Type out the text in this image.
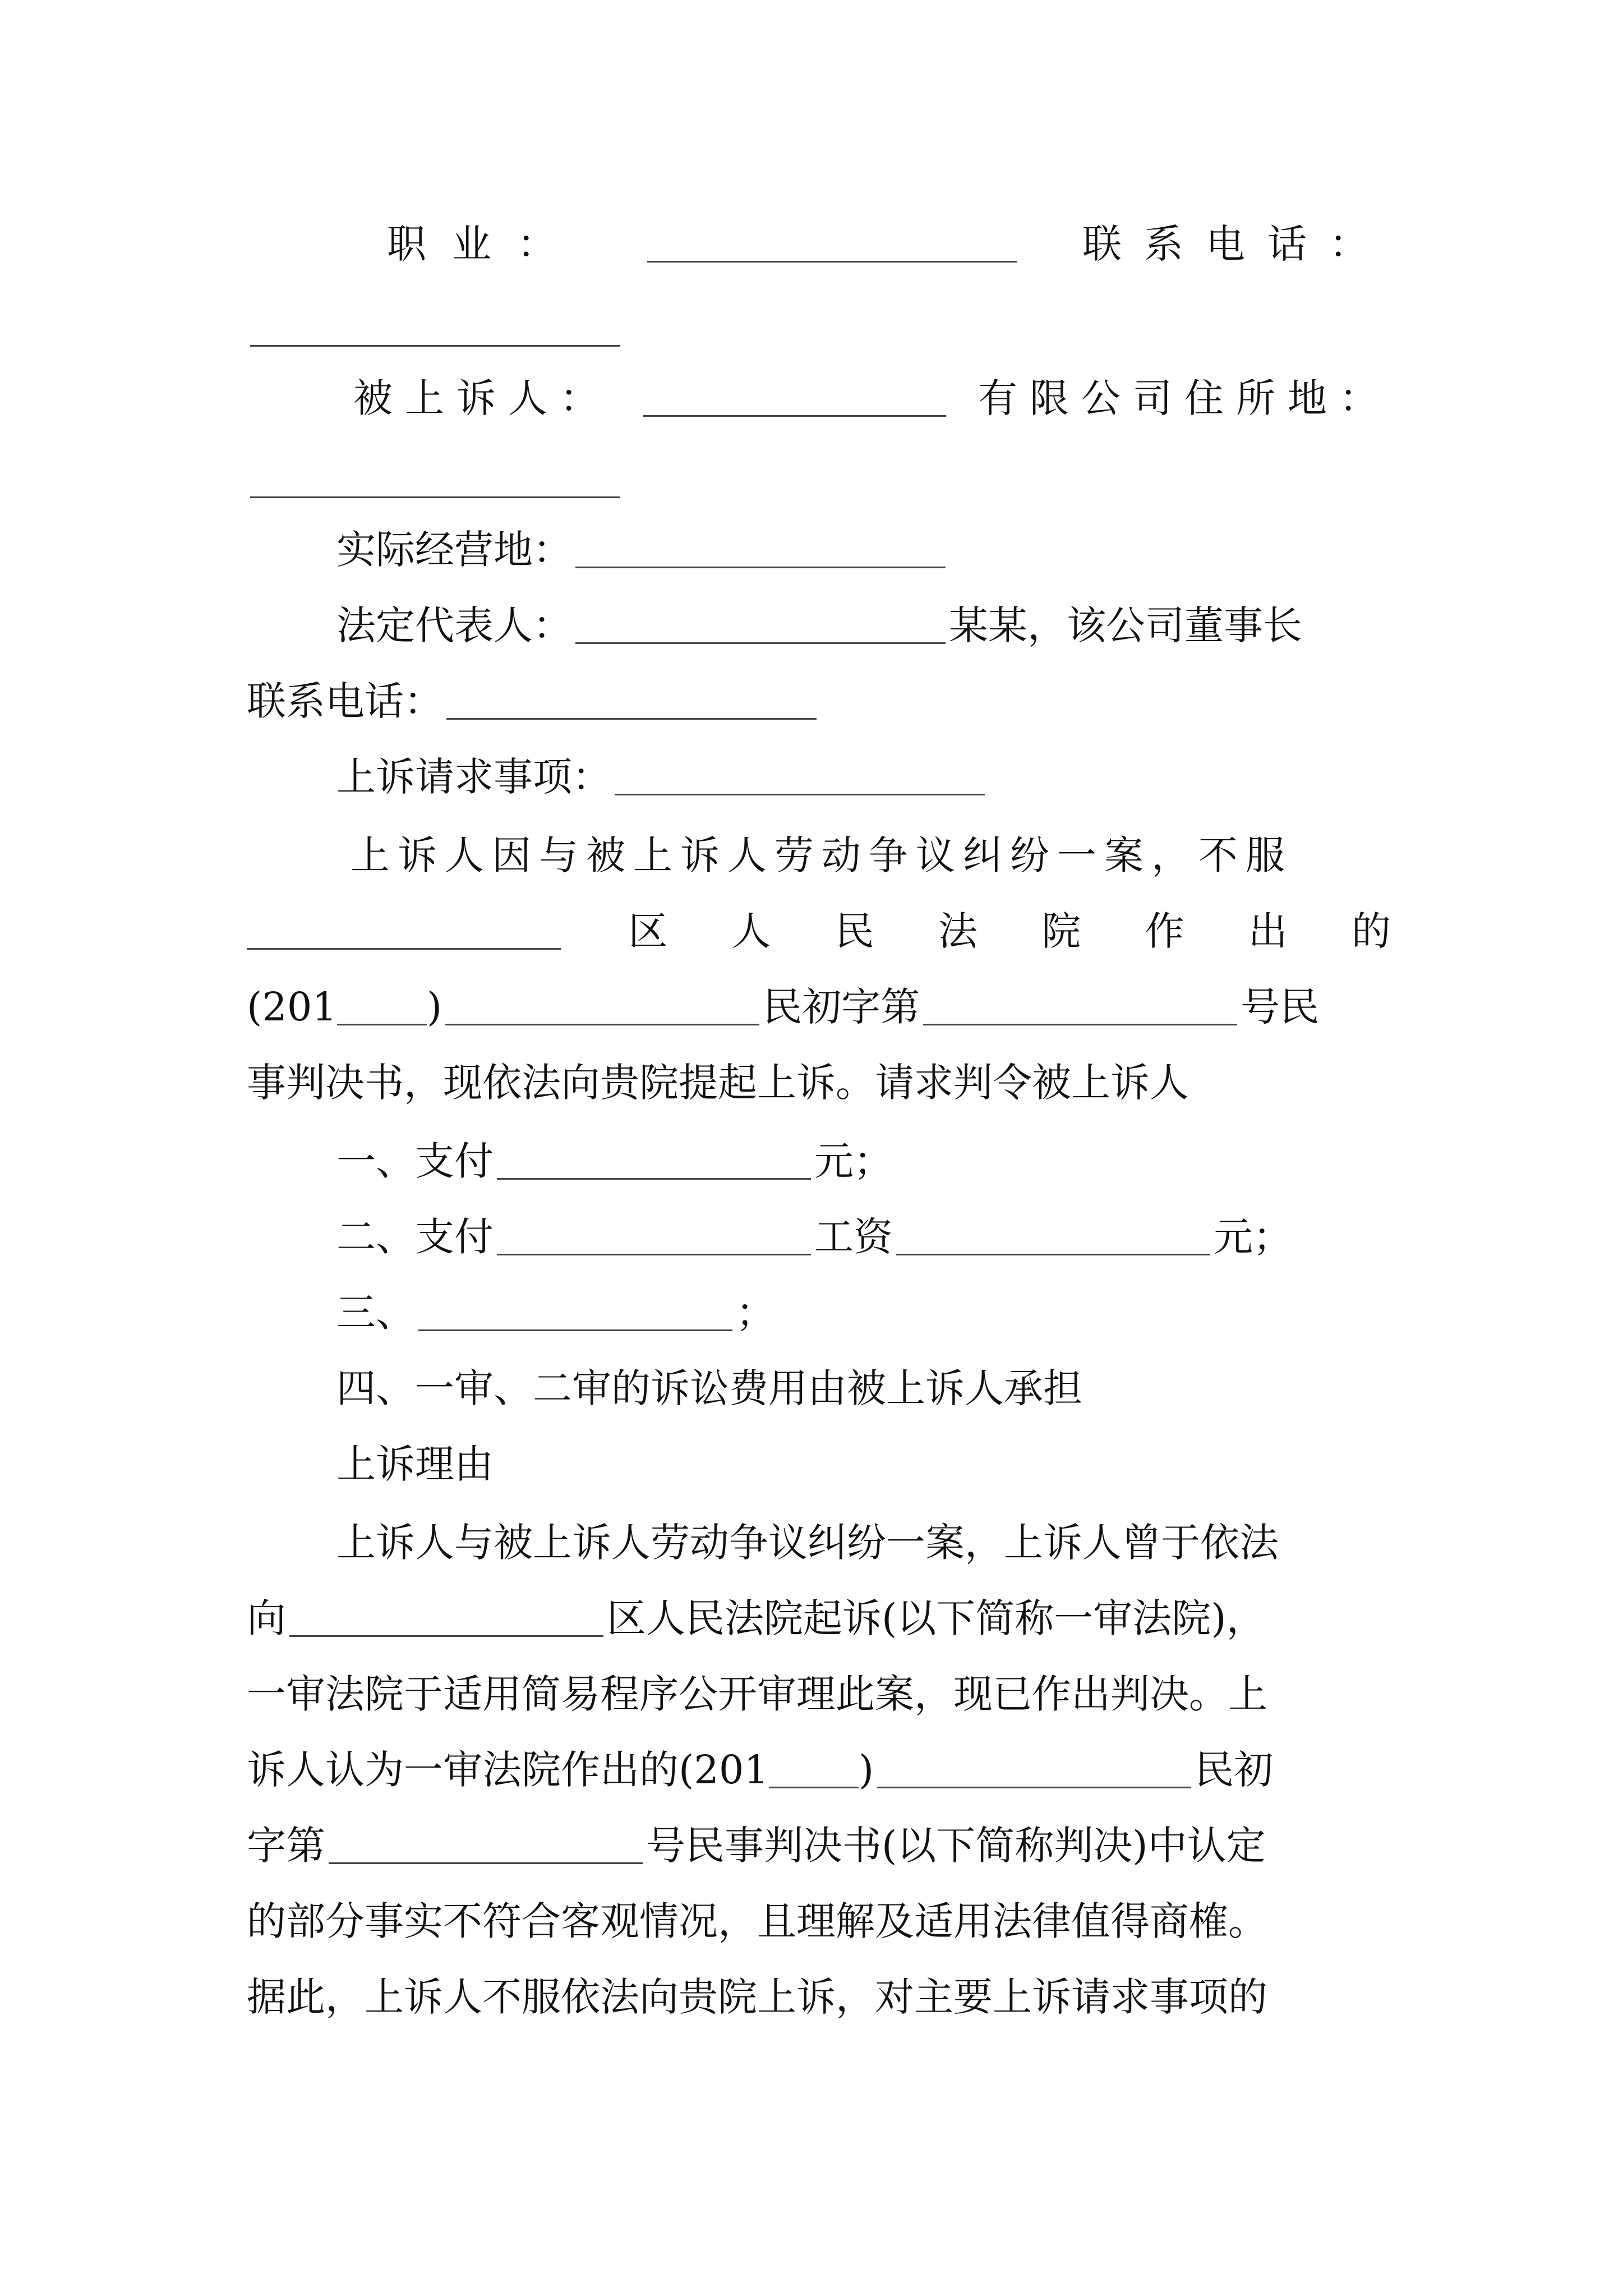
职业：	联系电话：
被上诉人：	有限公司住所地：
实际经营地：
法定代表人：	某某，该公司董事长
联系电话：
上诉请求事项：
上诉人因与被上诉人劳动争议纠纷一案，不服
区 人 民 法 院 作 出 的
(201 )	民初字第	号民
事判决书，现依法向贵院提起上诉。请求判令被上诉人
一、支付	元；
二、支付	工资	元；
三、	；
四、一审、二审的诉讼费用由被上诉人承担
上诉理由
上诉人与被上诉人劳动争议纠纷一案，上诉人曾于依法
向	区人民法院起诉(以下简称一审法院)，
一审法院于适用简易程序公开审理此案，现已作出判决。上
诉人认为一审法院作出的(201 )	民初
字第	号民事判决书(以下简称判决)中认定
的部分事实不符合客观情况，且理解及适用法律值得商榷。
据此，上诉人不服依法向贵院上诉，对主要上诉请求事项的
